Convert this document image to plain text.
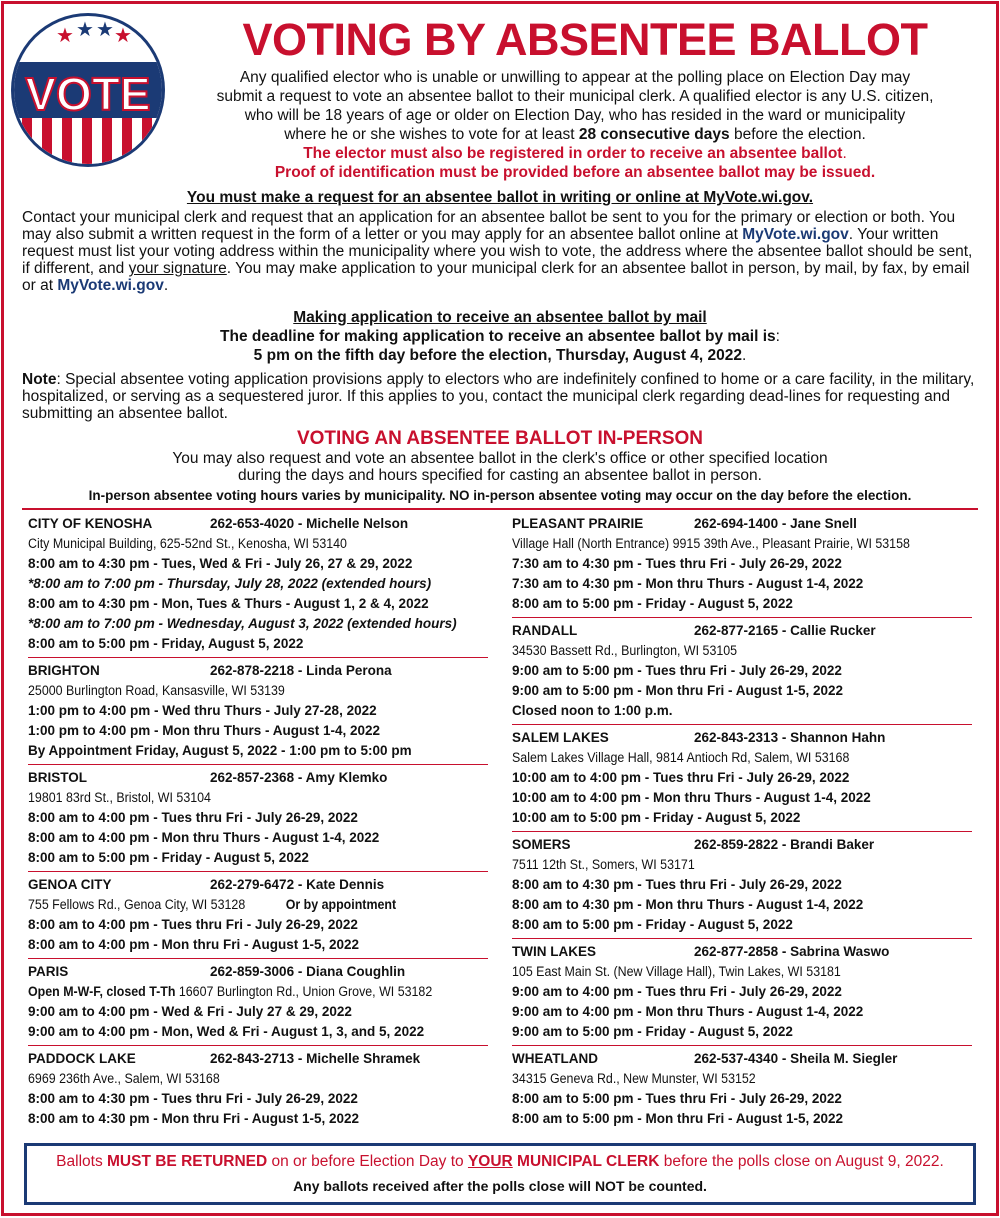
★ ★ ★ ★
VOTE
VOTING BY ABSENTEE BALLOT
Any qualified elector who is unable or unwilling to appear at the polling place on Election Day may
submit a request to vote an absentee ballot to their municipal clerk. A qualified elector is any U.S. citizen,
who will be 18 years of age or older on Election Day, who has resided in the ward or municipality
where he or she wishes to vote for at least 28 consecutive days before the election.
The elector must also be registered in order to receive an absentee ballot.
Proof of identification must be provided before an absentee ballot may be issued.
You must make a request for an absentee ballot in writing or online at MyVote.wi.gov.
Contact your municipal clerk and request that an application for an absentee ballot be sent to you for the primary or election or both. You may also submit a written request in the form of a letter or you may apply for an absentee ballot online at MyVote.wi.gov. Your written request must list your voting address within the municipality where you wish to vote, the address where the absentee ballot should be sent, if different, and your signature. You may make application to your municipal clerk for an absentee ballot in person, by mail, by fax, by email or at MyVote.wi.gov.
Making application to receive an absentee ballot by mail
The deadline for making application to receive an absentee ballot by mail is:
5 pm on the fifth day before the election, Thursday, August 4, 2022.
Note: Special absentee voting application provisions apply to electors who are indefinitely confined to home or a care facility, in the military, hospitalized, or serving as a sequestered juror. If this applies to you, contact the municipal clerk regarding dead-lines for requesting and submitting an absentee ballot.
VOTING AN ABSENTEE BALLOT IN-PERSON
You may also request and vote an absentee ballot in the clerk's office or other specified location
during the days and hours specified for casting an absentee ballot in person.
In-person absentee voting hours varies by municipality. NO in-person absentee voting may occur on the day before the election.
CITY OF KENOSHA	262-653-4020 - Michelle Nelson
City Municipal Building, 625-52nd St., Kenosha, WI 53140
8:00 am to 4:30 pm - Tues, Wed & Fri - July 26, 27 & 29, 2022
*8:00 am to 7:00 pm - Thursday, July 28, 2022 (extended hours)
8:00 am to 4:30 pm - Mon, Tues & Thurs - August 1, 2 & 4, 2022
*8:00 am to 7:00 pm - Wednesday, August 3, 2022 (extended hours)
8:00 am to 5:00 pm - Friday, August 5, 2022
BRIGHTON	262-878-2218 - Linda Perona
25000 Burlington Road, Kansasville, WI 53139
1:00 pm to 4:00 pm - Wed thru Thurs - July 27-28, 2022
1:00 pm to 4:00 pm - Mon thru Thurs - August 1-4, 2022
By Appointment Friday, August 5, 2022 - 1:00 pm to 5:00 pm
BRISTOL	262-857-2368 - Amy Klemko
19801 83rd St., Bristol, WI 53104
8:00 am to 4:00 pm - Tues thru Fri - July 26-29, 2022
8:00 am to 4:00 pm - Mon thru Thurs - August 1-4, 2022
8:00 am to 5:00 pm - Friday - August 5, 2022
GENOA CITY	262-279-6472 - Kate Dennis
755 Fellows Rd., Genoa City, WI 53128	Or by appointment
8:00 am to 4:00 pm - Tues thru Fri - July 26-29, 2022
8:00 am to 4:00 pm - Mon thru Fri - August 1-5, 2022
PARIS	262-859-3006 - Diana Coughlin
Open M-W-F, closed T-Th 16607 Burlington Rd., Union Grove, WI 53182
9:00 am to 4:00 pm - Wed & Fri - July 27 & 29, 2022
9:00 am to 4:00 pm - Mon, Wed & Fri - August 1, 3, and 5, 2022
PADDOCK LAKE	262-843-2713 - Michelle Shramek
6969 236th Ave., Salem, WI 53168
8:00 am to 4:30 pm - Tues thru Fri - July 26-29, 2022
8:00 am to 4:30 pm - Mon thru Fri - August 1-5, 2022
PLEASANT PRAIRIE	262-694-1400 - Jane Snell
Village Hall (North Entrance) 9915 39th Ave., Pleasant Prairie, WI 53158
7:30 am to 4:30 pm - Tues thru Fri - July 26-29, 2022
7:30 am to 4:30 pm - Mon thru Thurs - August 1-4, 2022
8:00 am to 5:00 pm - Friday - August 5, 2022
RANDALL	262-877-2165 - Callie Rucker
34530 Bassett Rd., Burlington, WI 53105
9:00 am to 5:00 pm - Tues thru Fri - July 26-29, 2022
9:00 am to 5:00 pm - Mon thru Fri - August 1-5, 2022
Closed noon to 1:00 p.m.
SALEM LAKES	262-843-2313 - Shannon Hahn
Salem Lakes Village Hall, 9814 Antioch Rd, Salem, WI 53168
10:00 am to 4:00 pm - Tues thru Fri - July 26-29, 2022
10:00 am to 4:00 pm - Mon thru Thurs - August 1-4, 2022
10:00 am to 5:00 pm - Friday - August 5, 2022
SOMERS	262-859-2822 - Brandi Baker
7511 12th St., Somers, WI 53171
8:00 am to 4:30 pm - Tues thru Fri - July 26-29, 2022
8:00 am to 4:30 pm - Mon thru Thurs - August 1-4, 2022
8:00 am to 5:00 pm - Friday - August 5, 2022
TWIN LAKES	262-877-2858 - Sabrina Waswo
105 East Main St. (New Village Hall), Twin Lakes, WI 53181
9:00 am to 4:00 pm - Tues thru Fri - July 26-29, 2022
9:00 am to 4:00 pm - Mon thru Thurs - August 1-4, 2022
9:00 am to 5:00 pm - Friday - August 5, 2022
WHEATLAND	262-537-4340 - Sheila M. Siegler
34315 Geneva Rd., New Munster, WI 53152
8:00 am to 5:00 pm - Tues thru Fri - July 26-29, 2022
8:00 am to 5:00 pm - Mon thru Fri - August 1-5, 2022
Ballots MUST BE RETURNED on or before Election Day to YOUR MUNICIPAL CLERK before the polls close on August 9, 2022.
Any ballots received after the polls close will NOT be counted.
